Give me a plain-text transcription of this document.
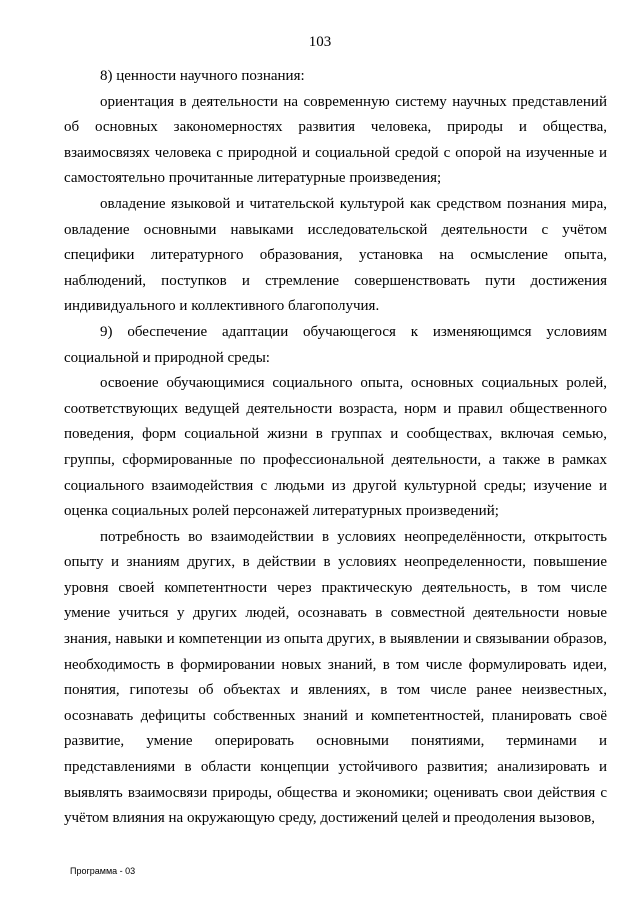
103

8) ценности научного познания:

ориентация в деятельности на современную систему научных представлений об основных закономерностях развития человека, природы и общества, взаимосвязях человека с природной и социальной средой с опорой на изученные и самостоятельно прочитанные литературные произведения;

овладение языковой и читательской культурой как средством познания мира, овладение основными навыками исследовательской деятельности с учётом специфики литературного образования, установка на осмысление опыта, наблюдений, поступков и стремление совершенствовать пути достижения индивидуального и коллективного благополучия.

9) обеспечение адаптации обучающегося к изменяющимся условиям социальной и природной среды:

освоение обучающимися социального опыта, основных социальных ролей, соответствующих ведущей деятельности возраста, норм и правил общественного поведения, форм социальной жизни в группах и сообществах, включая семью, группы, сформированные по профессиональной деятельности, а также в рамках социального взаимодействия с людьми из другой культурной среды; изучение и оценка социальных ролей персонажей литературных произведений;

потребность во взаимодействии в условиях неопределённости, открытость опыту и знаниям других, в действии в условиях неопределенности, повышение уровня своей компетентности через практическую деятельность, в том числе умение учиться у других людей, осознавать в совместной деятельности новые знания, навыки и компетенции из опыта других, в выявлении и связывании образов, необходимость в формировании новых знаний, в том числе формулировать идеи, понятия, гипотезы об объектах и явлениях, в том числе ранее неизвестных, осознавать дефициты собственных знаний и компетентностей, планировать своё развитие, умение оперировать основными понятиями, терминами и представлениями в области концепции устойчивого развития; анализировать и выявлять взаимосвязи природы, общества и экономики; оценивать свои действия с учётом влияния на окружающую среду, достижений целей и преодоления вызовов,

Программа - 03
